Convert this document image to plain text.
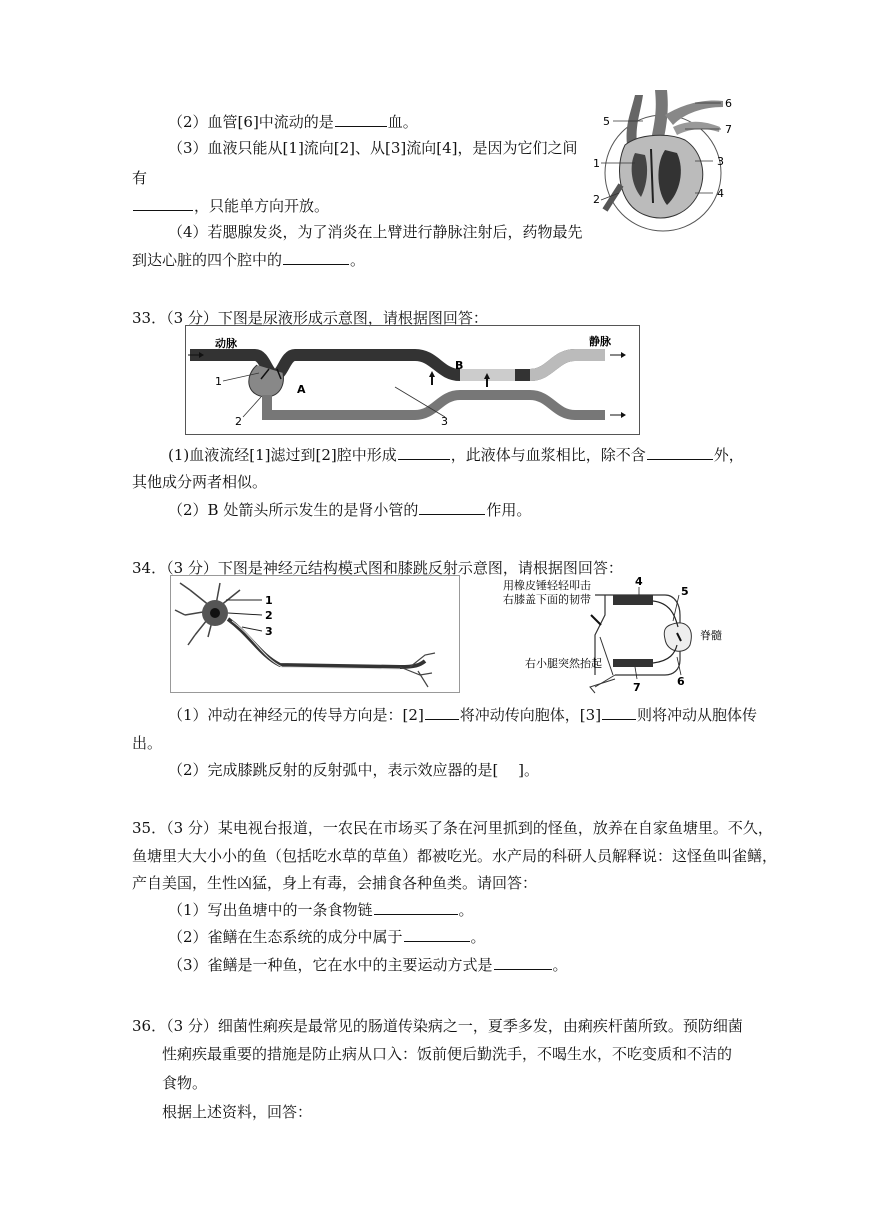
（2）血管[6]中流动的是	血。
（3）血液只能从[1]流向[2]、从[3]流向[4]，是因为它们之间
有
，只能单方向开放。
（4）若腮腺发炎，为了消炎在上臂进行静脉注射后，药物最先
到达心脏的四个腔中的	。
1
2
3
4
5
6
7
33．（3 分）下图是尿液形成示意图，请根据图回答：
动脉	静脉
1
2	3
A
B
(1)血液流经[1]滤过到[2]腔中形成	，此液体与血浆相比，除不含	外，
其他成分两者相似。
（2）B 处箭头所示发生的是肾小管的	作用。
34．（3 分）下图是神经元结构模式图和膝跳反射示意图，请根据图回答：
1
2
3
用橡皮锤轻轻叩击
右膝盖下面的韧带
右小腿突然抬起
脊髓
4
5
6
7
（1）冲动在神经元的传导方向是：[2] 将冲动传向胞体，[3] 则将冲动从胞体传
出。
（2）完成膝跳反射的反射弧中，表示效应器的是[　 ]。
35．（3 分）某电视台报道，一农民在市场买了条在河里抓到的怪鱼，放养在自家鱼塘里。不久，
鱼塘里大大小小的鱼（包括吃水草的草鱼）都被吃光。水产局的科研人员解释说：这怪鱼叫雀鳝，
产自美国，生性凶猛，身上有毒，会捕食各种鱼类。请回答：
（1）写出鱼塘中的一条食物链	。
（2）雀鳝在生态系统的成分中属于	。
（3）雀鳝是一种鱼，它在水中的主要运动方式是	。
36．（3 分）细菌性痢疾是最常见的肠道传染病之一，夏季多发，由痢疾杆菌所致。预防细菌
性痢疾最重要的措施是防止病从口入：饭前便后勤洗手，不喝生水，不吃变质和不洁的
食物。
根据上述资料，回答：
